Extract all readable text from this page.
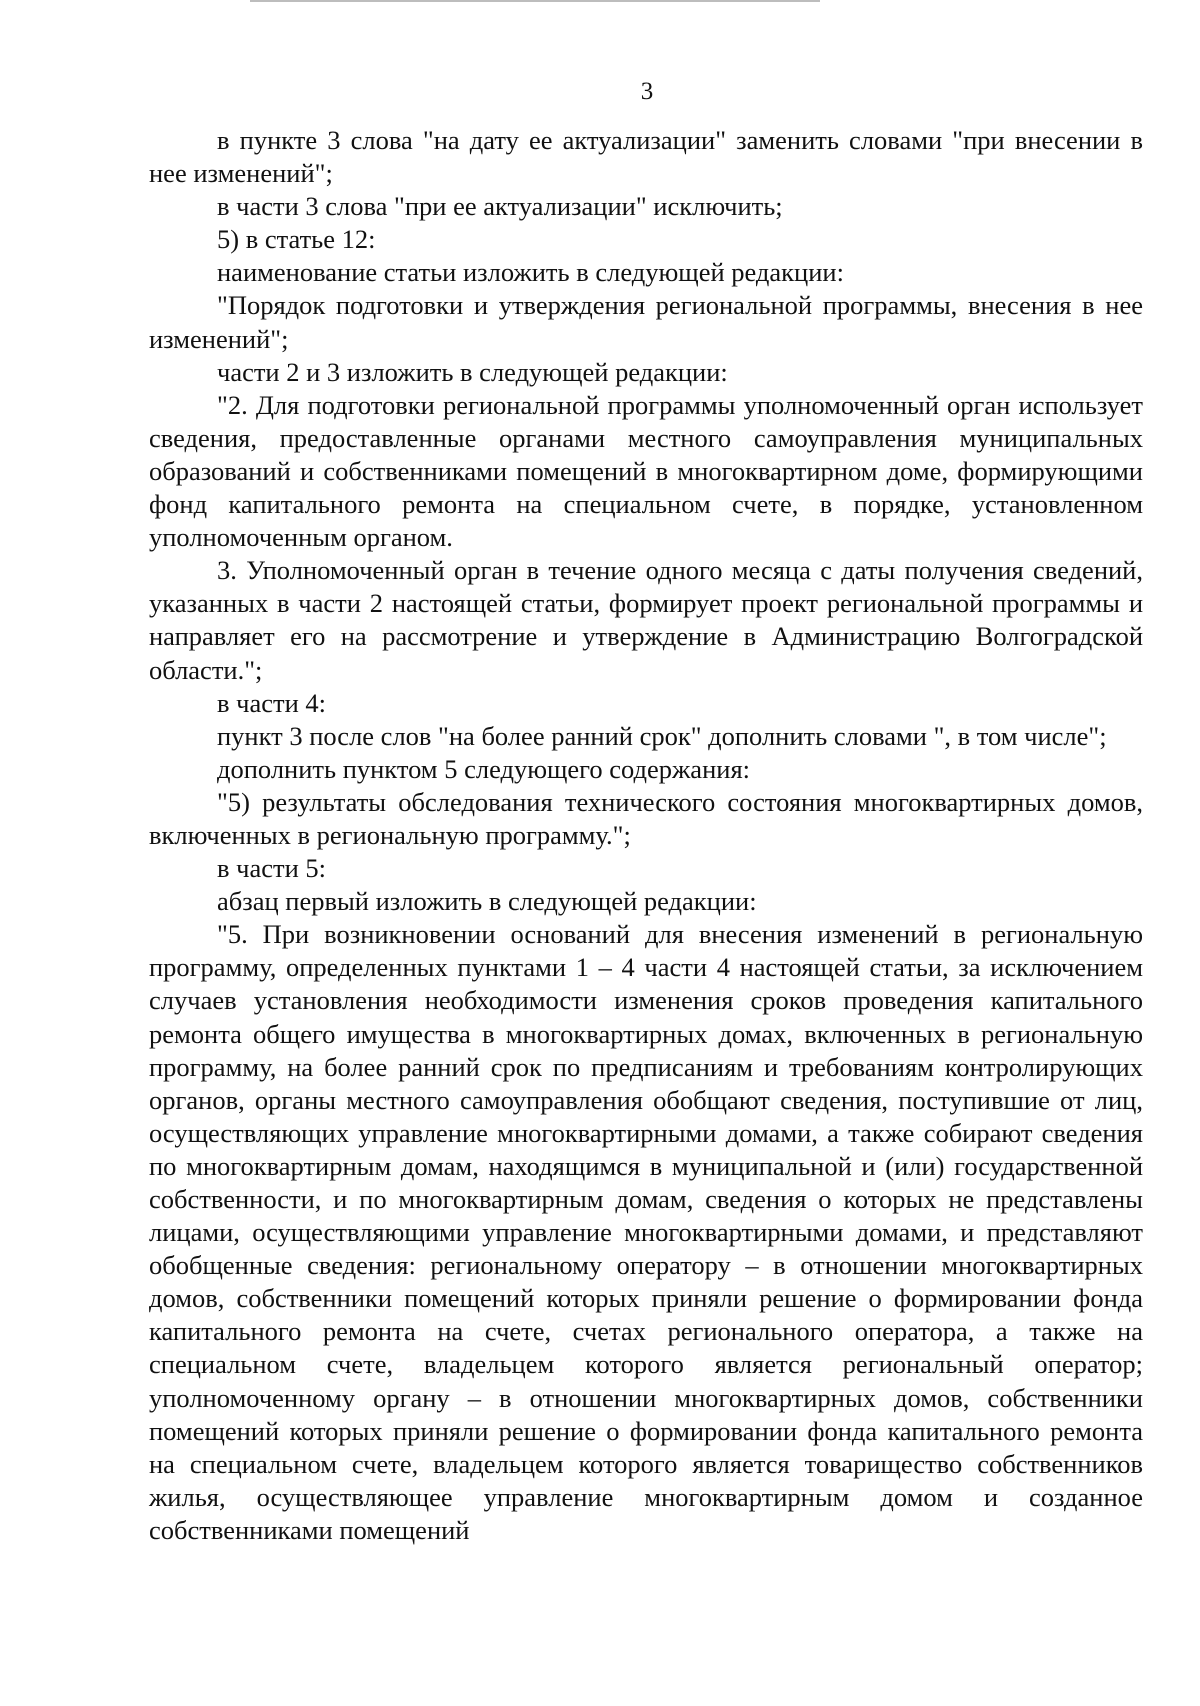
3

в пункте 3 слова "на дату ее актуализации" заменить словами "при внесении в нее изменений";

в части 3 слова "при ее актуализации" исключить;

5) в статье 12:

наименование статьи изложить в следующей редакции:

"Порядок подготовки и утверждения региональной программы, внесения в нее изменений";

части 2 и 3 изложить в следующей редакции:

"2. Для подготовки региональной программы уполномоченный орган использует сведения, предоставленные органами местного самоуправления муниципальных образований и собственниками помещений в многоквартирном доме, формирующими фонд капитального ремонта на специальном счете, в порядке, установленном уполномоченным органом.

3. Уполномоченный орган в течение одного месяца с даты получения сведений, указанных в части 2 настоящей статьи, формирует проект региональной программы и направляет его на рассмотрение и утверждение в Администрацию Волгоградской области.";

в части 4:

пункт 3 после слов "на более ранний срок" дополнить словами ", в том числе";

дополнить пунктом 5 следующего содержания:

"5) результаты обследования технического состояния многоквартирных домов, включенных в региональную программу.";

в части 5:

абзац первый изложить в следующей редакции:

"5. При возникновении оснований для внесения изменений в региональную программу, определенных пунктами 1 – 4 части 4 настоящей статьи, за исключением случаев установления необходимости изменения сроков проведения капитального ремонта общего имущества в многоквартирных домах, включенных в региональную программу, на более ранний срок по предписаниям и требованиям контролирующих органов, органы местного самоуправления обобщают сведения, поступившие от лиц, осуществляющих управление многоквартирными домами, а также собирают сведения по многоквартирным домам, находящимся в муниципальной и (или) государственной собственности, и по многоквартирным домам, сведения о которых не представлены лицами, осуществляющими управление многоквартирными домами, и представляют обобщенные сведения: региональному оператору – в отношении многоквартирных домов, собственники помещений которых приняли решение о формировании фонда капитального ремонта на счете, счетах регионального оператора, а также на специальном счете, владельцем которого является региональный оператор; уполномоченному органу – в отношении многоквартирных домов, собственники помещений которых приняли решение о формировании фонда капитального ремонта на специальном счете, владельцем которого является товарищество собственников жилья, осуществляющее управление многоквартирным домом и созданное собственниками помещений
